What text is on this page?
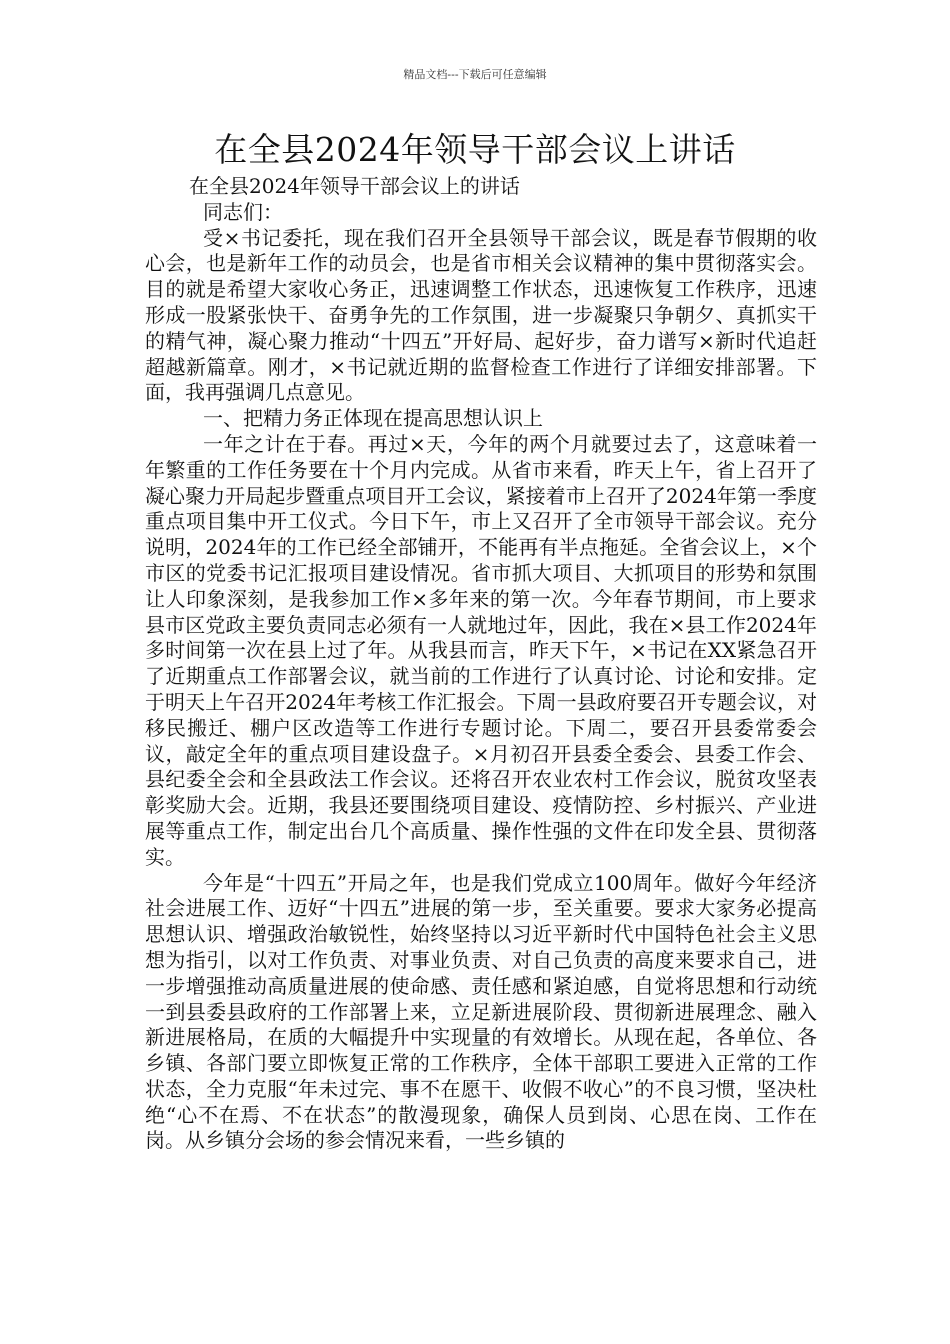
精品文档---下载后可任意编辑
在全县2024年领导干部会议上讲话

在全县2024年领导干部会议上的讲话

同志们：

受×书记委托，现在我们召开全县领导干部会议，既是春节假期的收心会，也是新年工作的动员会，也是省市相关会议精神的集中贯彻落实会。目的就是希望大家收心务正，迅速调整工作状态，迅速恢复工作秩序，迅速形成一股紧张快干、奋勇争先的工作氛围，进一步凝聚只争朝夕、真抓实干的精气神，凝心聚力推动“十四五”开好局、起好步，奋力谱写×新时代追赶超越新篇章。刚才，×书记就近期的监督检查工作进行了详细安排部署。下面，我再强调几点意见。

一、把精力务正体现在提高思想认识上

一年之计在于春。再过×天，今年的两个月就要过去了，这意味着一年繁重的工作任务要在十个月内完成。从省市来看，昨天上午，省上召开了凝心聚力开局起步暨重点项目开工会议，紧接着市上召开了2024年第一季度重点项目集中开工仪式。今日下午，市上又召开了全市领导干部会议。充分说明，2024年的工作已经全部铺开，不能再有半点拖延。全省会议上，×个市区的党委书记汇报项目建设情况。省市抓大项目、大抓项目的形势和氛围让人印象深刻，是我参加工作×多年来的第一次。今年春节期间，市上要求县市区党政主要负责同志必须有一人就地过年，因此，我在×县工作2024年多时间第一次在县上过了年。从我县而言，昨天下午，×书记在XX紧急召开了近期重点工作部署会议，就当前的工作进行了认真讨论、讨论和安排。定于明天上午召开2024年考核工作汇报会。下周一县政府要召开专题会议，对移民搬迁、棚户区改造等工作进行专题讨论。下周二，要召开县委常委会议，敲定全年的重点项目建设盘子。×月初召开县委全委会、县委工作会、县纪委全会和全县政法工作会议。还将召开农业农村工作会议，脱贫攻坚表彰奖励大会。近期，我县还要围绕项目建设、疫情防控、乡村振兴、产业进展等重点工作，制定出台几个高质量、操作性强的文件在印发全县、贯彻落实。

今年是“十四五”开局之年，也是我们党成立100周年。做好今年经济社会进展工作、迈好“十四五”进展的第一步，至关重要。要求大家务必提高思想认识、增强政治敏锐性，始终坚持以习近平新时代中国特色社会主义思想为指引，以对工作负责、对事业负责、对自己负责的高度来要求自己，进一步增强推动高质量进展的使命感、责任感和紧迫感，自觉将思想和行动统一到县委县政府的工作部署上来，立足新进展阶段、贯彻新进展理念、融入新进展格局，在质的大幅提升中实现量的有效增长。从现在起，各单位、各乡镇、各部门要立即恢复正常的工作秩序，全体干部职工要进入正常的工作状态，全力克服“年未过完、事不在愿干、收假不收心”的不良习惯，坚决杜绝“心不在焉、不在状态”的散漫现象，确保人员到岗、心思在岗、工作在岗。从乡镇分会场的参会情况来看，一些乡镇的
